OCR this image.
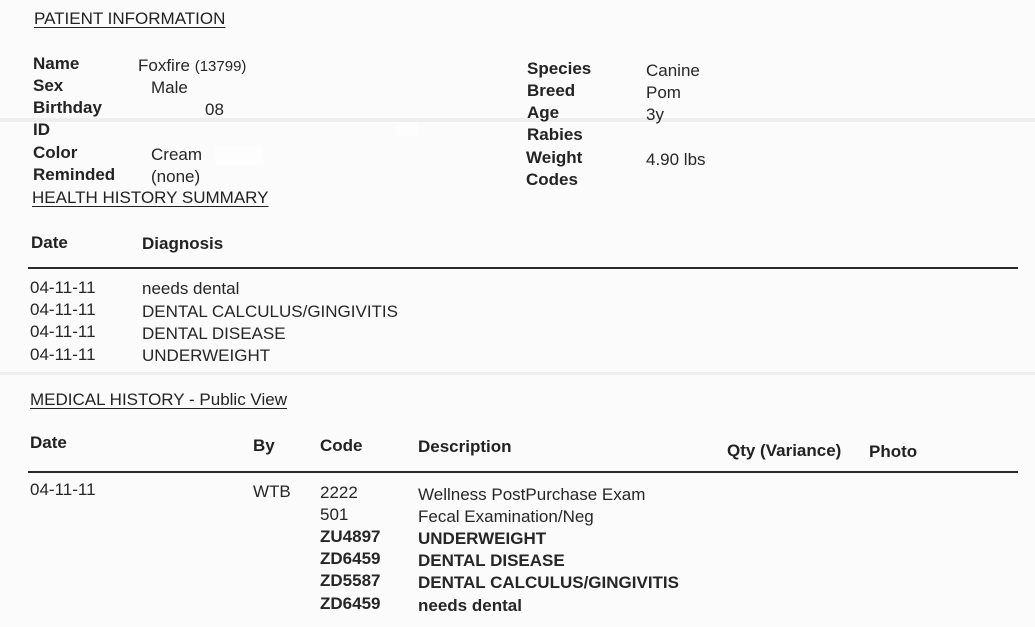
PATIENT INFORMATION
Name	Foxfire (13799)
Sex	Male
Birthday	08
ID
Color	Cream
Reminded (none)
Species	Canine
Breed	Pom
Age	3y
Rabies
Weight	4.90 lbs
Codes
HEALTH HISTORY SUMMARY
Date	Diagnosis
04-11-11	needs dental
04-11-11	DENTAL CALCULUS/GINGIVITIS
04-11-11	DENTAL DISEASE
04-11-11	UNDERWEIGHT
MEDICAL HISTORY - Public View
Date	By	Code	Description	Qty (Variance) Photo
04-11-11	WTB 2222	Wellness PostPurchase Exam
501	Fecal Examination/Neg
ZU4897 UNDERWEIGHT
ZD6459 DENTAL DISEASE
ZD5587 DENTAL CALCULUS/GINGIVITIS
ZD6459 needs dental
